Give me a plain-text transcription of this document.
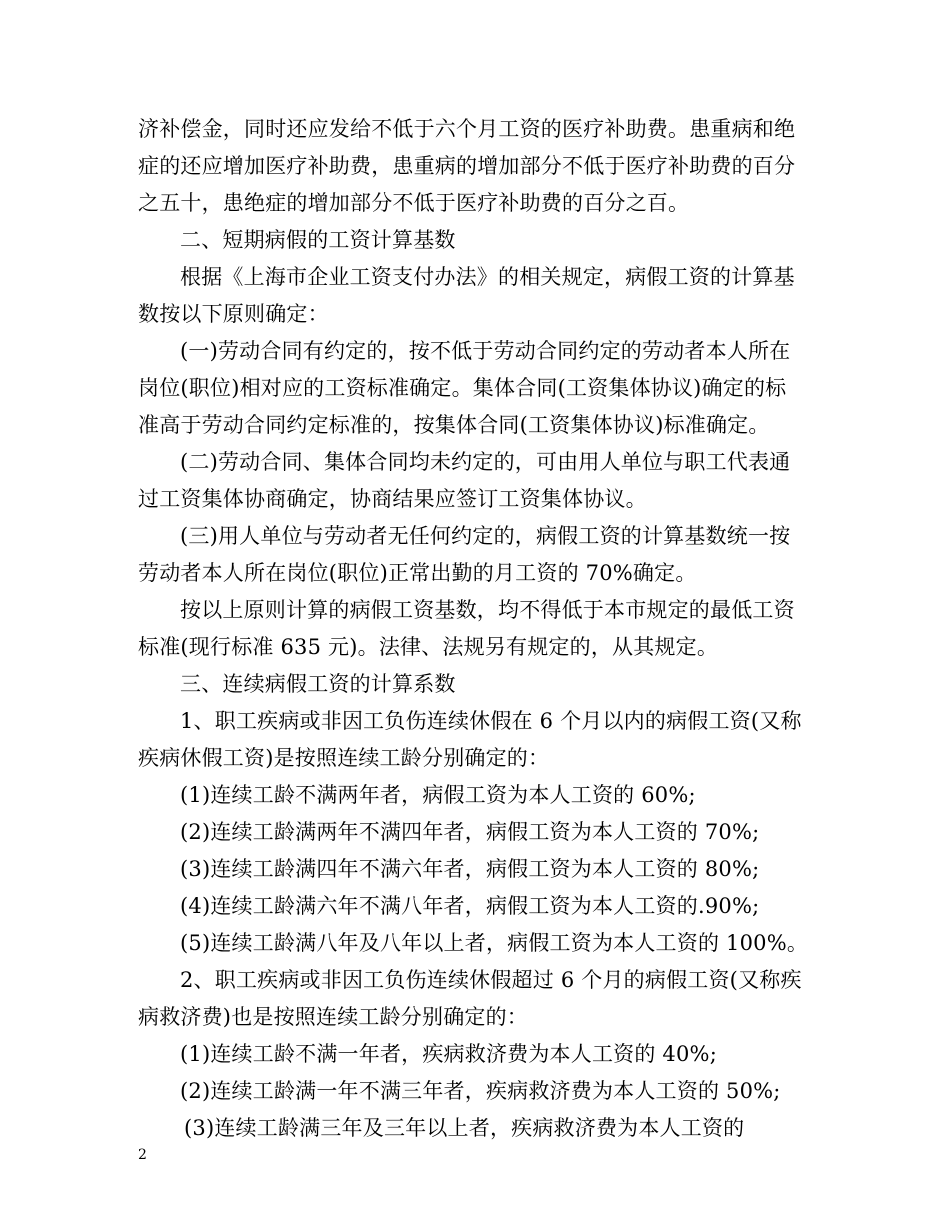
济补偿金，同时还应发给不低于六个月工资的医疗补助费。患重病和绝
症的还应增加医疗补助费，患重病的增加部分不低于医疗补助费的百分
之五十，患绝症的增加部分不低于医疗补助费的百分之百。
二、短期病假的工资计算基数
根据《上海市企业工资支付办法》的相关规定，病假工资的计算基
数按以下原则确定：
(一)劳动合同有约定的，按不低于劳动合同约定的劳动者本人所在
岗位(职位)相对应的工资标准确定。集体合同(工资集体协议)确定的标
准高于劳动合同约定标准的，按集体合同(工资集体协议)标准确定。
(二)劳动合同、集体合同均未约定的，可由用人单位与职工代表通
过工资集体协商确定，协商结果应签订工资集体协议。
(三)用人单位与劳动者无任何约定的，病假工资的计算基数统一按
劳动者本人所在岗位(职位)正常出勤的月工资的 70%确定。
按以上原则计算的病假工资基数，均不得低于本市规定的最低工资
标准(现行标准 635 元)。法律、法规另有规定的，从其规定。
三、连续病假工资的计算系数
1、职工疾病或非因工负伤连续休假在 6 个月以内的病假工资(又称
疾病休假工资)是按照连续工龄分别确定的：
(1)连续工龄不满两年者，病假工资为本人工资的 60%;
(2)连续工龄满两年不满四年者，病假工资为本人工资的 70%;
(3)连续工龄满四年不满六年者，病假工资为本人工资的 80%;
(4)连续工龄满六年不满八年者，病假工资为本人工资的.90%;
(5)连续工龄满八年及八年以上者，病假工资为本人工资的 100%。
2、职工疾病或非因工负伤连续休假超过 6 个月的病假工资(又称疾
病救济费)也是按照连续工龄分别确定的：
(1)连续工龄不满一年者，疾病救济费为本人工资的 40%;
(2)连续工龄满一年不满三年者，疾病救济费为本人工资的 50%;
(3)连续工龄满三年及三年以上者，疾病救济费为本人工资的
2
